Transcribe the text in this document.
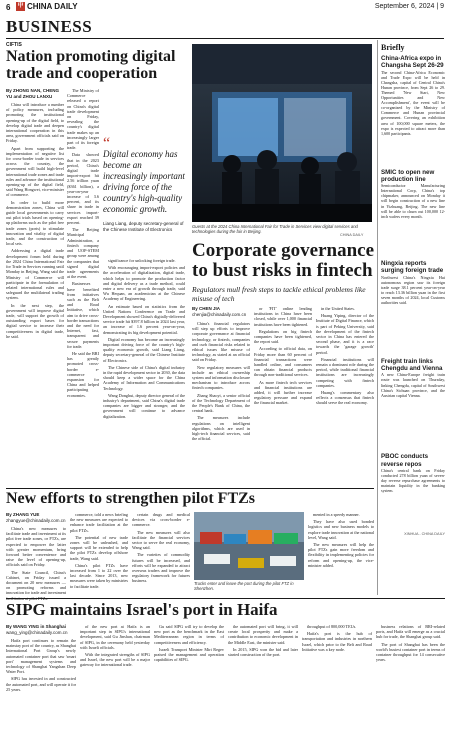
6 中 CHINA DAILY	September 6, 2024 | 9
BUSINESS
CIFTIS
Nation promoting digital trade and cooperation
By ZHONG NAN, CHENG YU and ZHOU LANXU

China will introduce a number of policy measures, including promoting the institutional opening-up of the digital field, to develop digital trade and deepen international cooperation in this area, government officials said on Friday.

Apart from supporting the implementation of negative list for cross-border trade in services across the country, the government will build high-level international trade zones and trade rules and advance the institutional opening-up of the digital field, said Wang Hongwei, vice-minister of commerce.

In order to build more demonstration zones, China will guide local governments to carry out pilot trials based on opening-up platforms such as the pilot free trade zones (ports) to stimulate innovation and vitality of digital trade, and the construction of local sets.

Addressing a digital trade development forum held during the 2024 China International Fair for Trade in Services running until Monday in Beijing, Wang said the Ministry of Commerce will participate in the formulation of related international rules and safeguard the multilateral trading system.

In the next step, the government will improve digital trade, will support the growth of outstanding export bases for digital service to increase their competitiveness in digital trade, he said.

The Ministry of Commerce released a report on China's digital trade development on Friday, revealing the country's digital trade makes up an increasingly larger part of its foreign trade.

Data showed that in the 2023 period, China's digital trade import-export hit 2.56 trillion yuan ($361 billion), a year-on-year increase of 3.6 percent, and its share in trade in services import-export reached 39 percent.

The Beijing Municipal Administration, a fintech company and UOP-STEM group were among the companies that signed digital trade agreements at the event.

Businesses have benefited from initiatives such as the Belt and Road Initiative, which aim to drive cross-border transactions and the need for Internet, fast, transparent and secure payments for trade.

He said the BRI has greatly promoted cross-border e-commerce expansion for China and helped participating economies.

“
Digital economy has become an increasingly important driving force of the country's high-quality economic growth.
Liang Liang, deputy secretary-general of the Chinese Institute of Electronics

significance for unlocking foreign trade.

With encouraging import-export policies and the acceleration of digitalization, digital trade, which helps to promote the production factor and digital delivery as a trade method, could enter a new era of growth through trade, said Wu Hequan, an academician at the Chinese Academy of Engineering.

An estimate based on statistics from the United Nations Conference on Trade and Development showed China's digitally-delivered service trade hit $397.8 billion in 2024 last year, an increase of 1.6 percent year-on-year, demonstrating its big development potential.

Digital economy has become an increasingly important driving force of the country's high-quality economic growth, said Liang Liang, deputy secretary-general of the Chinese Institute of Electronics.

The Chinese side of China's digital industry in the rapid development sector in 2030, the data should keep a wider space for the China Academy of Information and Communications Technology.

Wang Donghui, deputy director general of the industry's department, said China's digital trade companies are bigger and stronger, and the government will continue to advance digitalization.

Guests at the 2024 China International Fair for Trade in Services view digital services and technologies during the fair in Beijing.
CHINA DAILY
Corporate governance to bust risks in fintech
Regulators mull fresh steps to tackle ethical problems like misuse of tech
By CHEN JIA
chenjia@chinadaily.com.cn

China's financial regulators will step up efforts to improve corporate governance at financial technology, or fintech, companies and curb financial risks related to ethical issues like misuse of technology, as stated at an official said on Friday.

New regulatory measures will include an ethical ownership system and information disclosure mechanism to introduce across fintech companies.

Zhang Shaoyi, a senior official of the Technology Department of the People's Bank of China, the central bank.

The measures include regulations on intelligent algorithms, which are used in high-tech financial services, said the official.

or 'FIT' online lending institutions in China have been closed, while over 1,000 financial institutions have been tightened.

Regulations on big fintech companies have been tightened, the report said.

According to official data, on Friday more than 60 percent of financial transactions were handled online, and consumers can obtain financial products through non-traditional services.

As more fintech tech services and financial institutions are added, it will further increase regulatory pressure and expand the financial market.

in the United States.

Huang Yiping, director of the Institute of Digital Finance, which is part of Peking University, said the development of the fintech sector in China has entered the second phase, and it is a race towards the 'garage growth' period.

Financial institutions will remain a dominant role during the period, while traditional financial institutions are increasingly competing with fintech companies.

Huang's commentary also reflects a consensus that fintech should serve the real economy.

Briefly
China-Africa expo in Changsha Sept 26-29
The second China-Africa Economic and Trade Expo will be held in Changsha, capital of Central China's Hunan province, from Sept 26 to 29. Themed 'New Start, New Opportunities and New Accomplishment', the event will be co-organized by the Ministry of Commerce and Hunan provincial government. Covering an exhibition area of 100,000 square meters, the expo is expected to attract more than 1,600 participants.
SMIC to open new production line
Semiconductor Manufacturing International Corp, China's top chipmaker, announced on Monday it will begin construction of a new line in Yizhuang, Beijing. The new line will be able to churn out 100,000 12-inch wafers every month.
Ningxia reports surging foreign trade
Northwest China's Ningxia Hui autonomous region saw its foreign trade surge 38.1 percent year-on-year to reach 13.36 billion yuan in the first seven months of 2024, local Customs authorities said.
Freight train links Chengdu and Vienna
A new China-Europe freight train route was launched on Thursday, linking Chengdu, capital of Southwest China's Sichuan province, and the Austrian capital Vienna.
PBOC conducts reverse repos
China's central bank on Friday conducted 278 billion yuan of seven-day reverse repurchase agreements to maintain liquidity in the banking system.
XINHUA - CHINA DAILY
New efforts to strengthen pilot FTZs
By ZHANG YUE
zhangyue@chinadaily.com.cn

China's new measures to facilitate trade and investment at its pilot free trade zones, or FTZs, are expected to empower the latter with greater momentum, bring forward better convenience and raise the level of opening-up, officials said on Friday.

The State Council, China's Cabinet, on Friday issued a document on 20 new measures — on promoting reforms and innovation for trade and investment

commerce, told a news briefing the new measures are expected to enhance trade facilitation at the pilot FTZs.

The potential of new trade zones will be unleashed, and support will be extended to help the pilot FTZs develop offshore trade, Wang said.

China's pilot FTZs have increased from 1 to 22 over the last decade. Since 2013, new measures were taken by ministries to facilitate trade.

certain drugs and medical devices via cross-border e-commerce.

The new measures will also facilitate the financial services sector to serve the real economy, Wang said.

The varieties of commodity futures will be increased, and efforts will be expanded to attract overseas traders and improve the regulatory framework for futures business.

Trucks enter and leave the port during the pilot FTZ in Shenzhen.

mented in a speedy manner.

They have also used bonded logistics and new business models to explore trade innovation at the national level, Wang said.

The new measures will help the pilot FTZs gain more freedom and flexibility in implementing policies for reform and opening-up, the vice-minister added.

SIPG maintains Israel's port in Haifa
By WANG YING in Shanghai
wang_ying@chinadaily.com.cn

Haifa port continues to remain the mainstay port of the country, as Shanghai International Port Group's newly automated container port that saw 'smart port' management systems and technology of Shanghai Yangshan Deep Water Port.

SIPG has invested in and constructed the automated port, and will operate it for 25 years.

of the new port at Haifa is an important step in SIPG's international development, said Gu Jinshan, chairman of SIPG, in the ceremony held yesterday with Israeli officials.

With the integrated strengths of SIPG and Israel, the new port will be a major gateway for international trade.

Gu said SIPG will try to develop the new port as the benchmark in the East Mediterranean region in terms of competitiveness and efficiency.

Israeli Transport Minister Miri Regev praised the management and operation capabilities of SIPG.

the automated port will bring, it will create local prosperity and make a contribution to economic development in the Middle East, the minister said.

In 2015, SIPG won the bid and later started construction of the port.

throughput of 800,000 TEUs.

Haifa's port is the hub of transportation and industries in northern Israel, which prior to the Belt and Road Initiative was a key node.

business relations of BRI-related ports, and Haifa will emerge as a crucial hub for trade, the Shanghai group said.

The port of Shanghai has been the world's busiest container port in terms of container throughput for 14 consecutive years.
